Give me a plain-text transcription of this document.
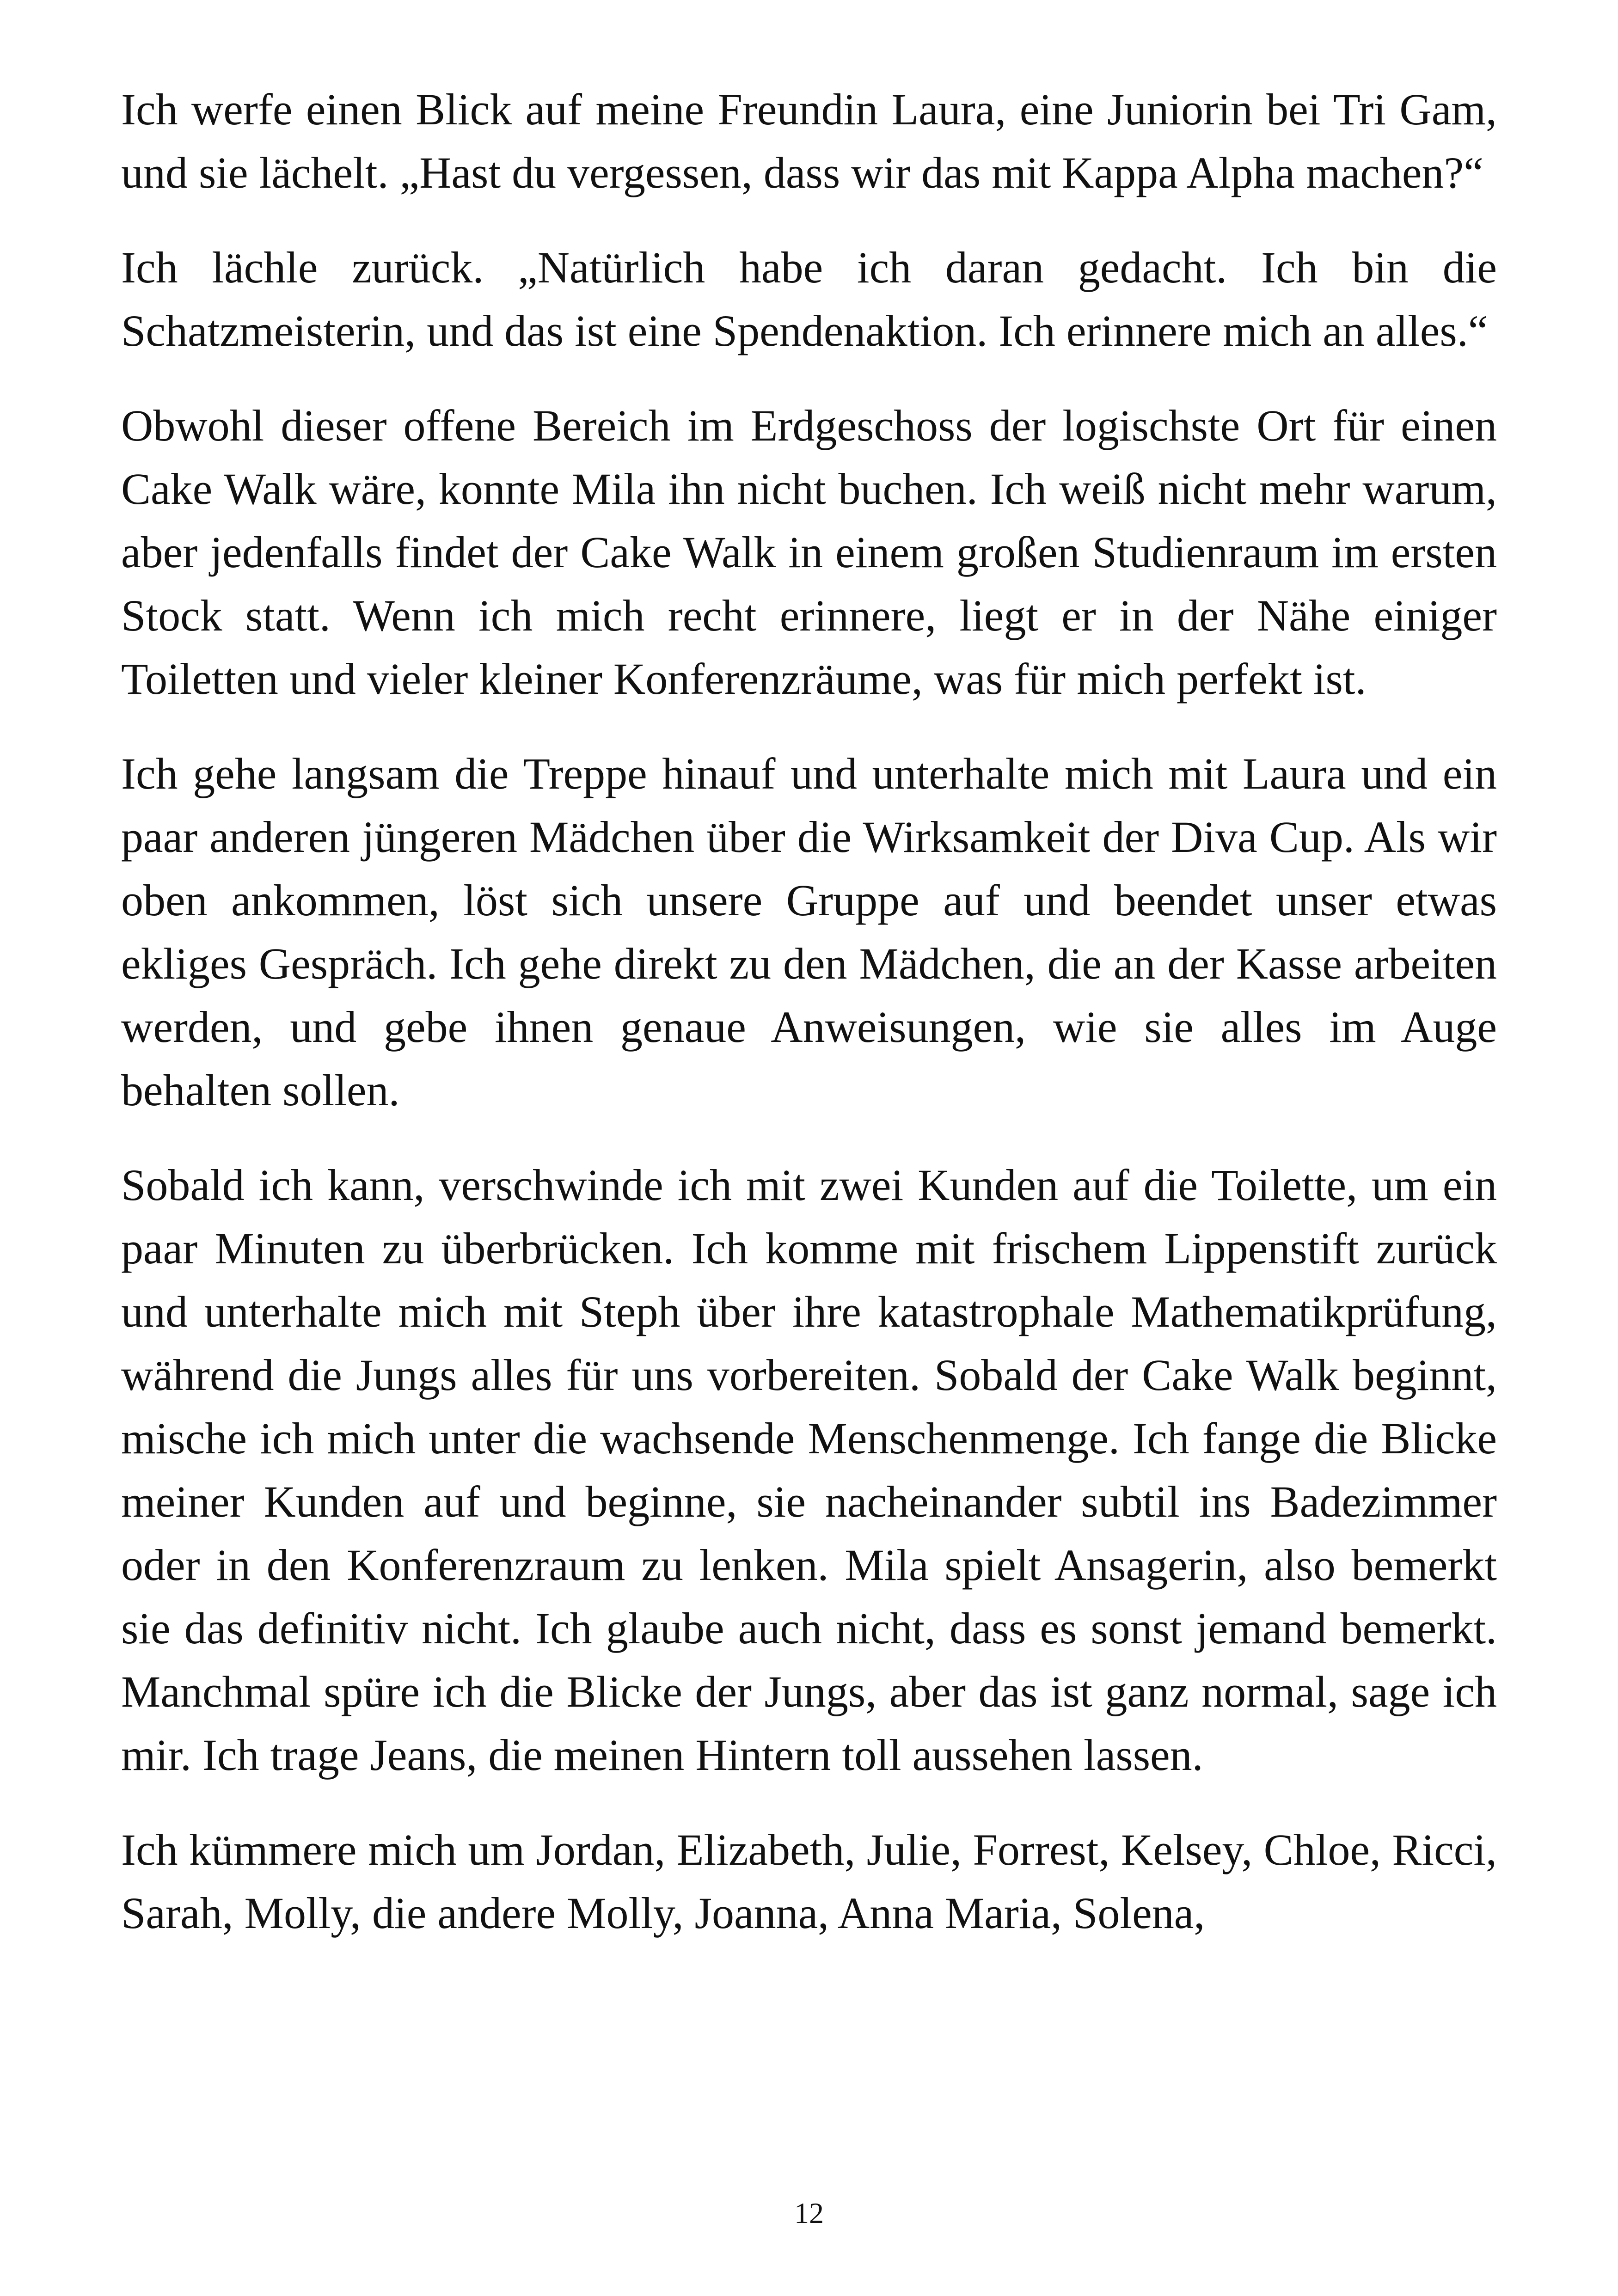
Ich werfe einen Blick auf meine Freundin Laura, eine Juniorin bei Tri Gam, und sie lächelt. „Hast du vergessen, dass wir das mit Kappa Alpha machen?“

Ich lächle zurück. „Natürlich habe ich daran gedacht. Ich bin die Schatzmeisterin, und das ist eine Spendenaktion. Ich erinnere mich an alles.“

Obwohl dieser offene Bereich im Erdgeschoss der logischste Ort für einen Cake Walk wäre, konnte Mila ihn nicht buchen. Ich weiß nicht mehr warum, aber jedenfalls findet der Cake Walk in einem großen Studienraum im ersten Stock statt. Wenn ich mich recht erinnere, liegt er in der Nähe einiger Toiletten und vieler kleiner Konferenzräume, was für mich perfekt ist.

Ich gehe langsam die Treppe hinauf und unterhalte mich mit Laura und ein paar anderen jüngeren Mädchen über die Wirksamkeit der Diva Cup. Als wir oben ankommen, löst sich unsere Gruppe auf und beendet unser etwas ekliges Gespräch. Ich gehe direkt zu den Mädchen, die an der Kasse arbeiten werden, und gebe ihnen genaue Anweisungen, wie sie alles im Auge behalten sollen.

Sobald ich kann, verschwinde ich mit zwei Kunden auf die Toilette, um ein paar Minuten zu überbrücken. Ich komme mit frischem Lippenstift zurück und unterhalte mich mit Steph über ihre katastrophale Mathematikprüfung, während die Jungs alles für uns vorbereiten. Sobald der Cake Walk beginnt, mische ich mich unter die wachsende Menschenmenge. Ich fange die Blicke meiner Kunden auf und beginne, sie nacheinander subtil ins Badezimmer oder in den Konferenzraum zu lenken. Mila spielt Ansagerin, also bemerkt sie das definitiv nicht. Ich glaube auch nicht, dass es sonst jemand bemerkt. Manchmal spüre ich die Blicke der Jungs, aber das ist ganz normal, sage ich mir. Ich trage Jeans, die meinen Hintern toll aussehen lassen.

Ich kümmere mich um Jordan, Elizabeth, Julie, Forrest, Kelsey, Chloe, Ricci, Sarah, Molly, die andere Molly, Joanna, Anna Maria, Solena,

12
